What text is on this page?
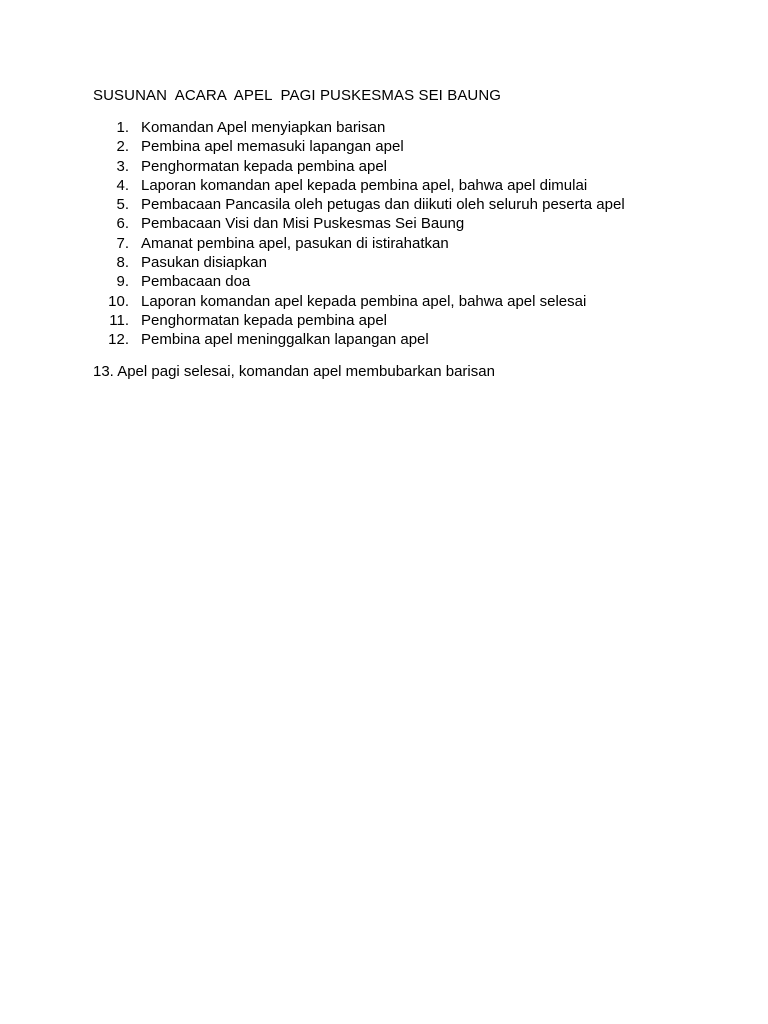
SUSUNAN  ACARA  APEL  PAGI PUSKESMAS SEI BAUNG
1. Komandan Apel menyiapkan barisan
2. Pembina apel memasuki lapangan apel
3. Penghormatan kepada pembina apel
4. Laporan komandan apel kepada pembina apel, bahwa apel dimulai
5. Pembacaan Pancasila oleh petugas dan diikuti oleh seluruh peserta apel
6. Pembacaan Visi dan Misi Puskesmas Sei Baung
7. Amanat pembina apel, pasukan di istirahatkan
8. Pasukan disiapkan
9. Pembacaan doa
10. Laporan komandan apel kepada pembina apel, bahwa apel selesai
11. Penghormatan kepada pembina apel
12. Pembina apel meninggalkan lapangan apel
13. Apel pagi selesai, komandan apel membubarkan barisan
